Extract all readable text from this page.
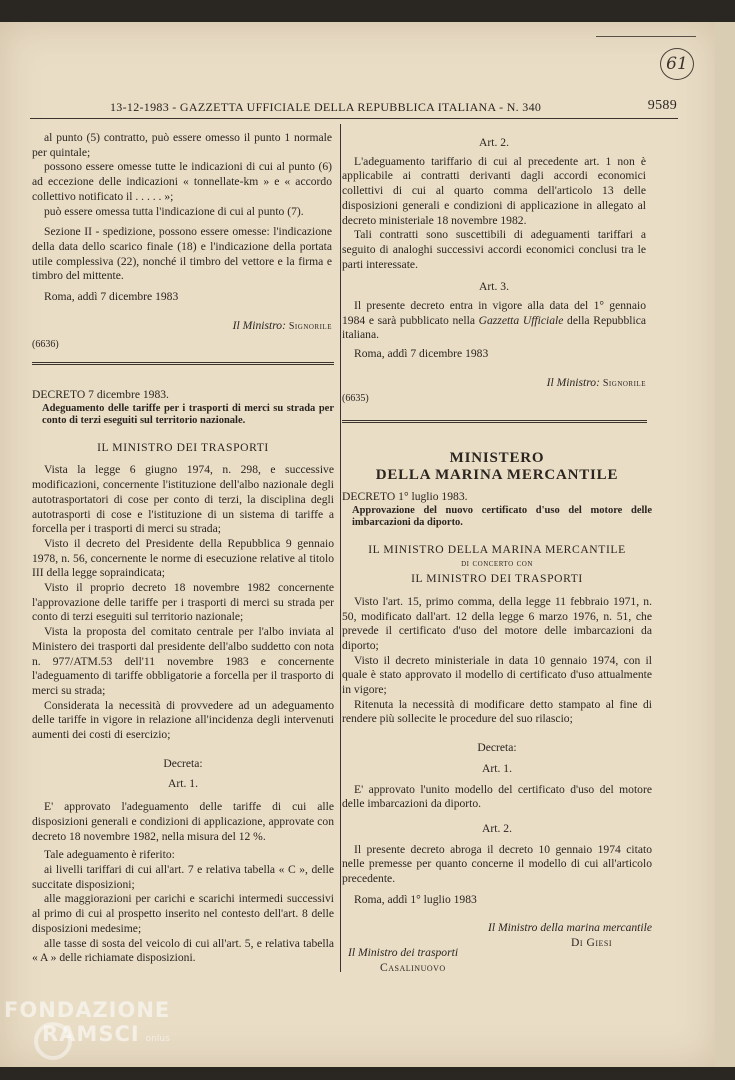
61
13-12-1983 - GAZZETTA UFFICIALE DELLA REPUBBLICA ITALIANA - N. 340	9589

al punto (5) contratto, può essere omesso il punto 1 normale per quintale;

possono essere omesse tutte le indicazioni di cui al punto (6) ad eccezione delle indicazioni « tonnellate-km » e « accordo collettivo notificato il . . . . . »;

può essere omessa tutta l'indicazione di cui al punto (7).

Sezione II - spedizione, possono essere omesse: l'indicazione della data dello scarico finale (18) e l'indicazione della portata utile complessiva (22), nonché il timbro del vettore e la firma e timbro del mittente.

Roma, addì 7 dicembre 1983

Il Ministro: Signorile

(6636)

Art. 2.

L'adeguamento tariffario di cui al precedente art. 1 non è applicabile ai contratti derivanti dagli accordi economici collettivi di cui al quarto comma dell'articolo 13 delle disposizioni generali e condizioni di applicazione in allegato al decreto ministeriale 18 novembre 1982.

Tali contratti sono suscettibili di adeguamenti tariffari a seguito di analoghi successivi accordi economici conclusi tra le parti interessate.

Art. 3.

Il presente decreto entra in vigore alla data del 1° gennaio 1984 e sarà pubblicato nella Gazzetta Ufficiale della Repubblica italiana.

Roma, addì 7 dicembre 1983

Il Ministro: Signorile

(6635)

DECRETO 7 dicembre 1983.

Adeguamento delle tariffe per i trasporti di merci su strada per conto di terzi eseguiti sul territorio nazionale.

IL MINISTRO DEI TRASPORTI

Vista la legge 6 giugno 1974, n. 298, e successive modificazioni, concernente l'istituzione dell'albo nazionale degli autotrasportatori di cose per conto di terzi, la disciplina degli autotrasporti di cose e l'istituzione di un sistema di tariffe a forcella per i trasporti di merci su strada;

Visto il decreto del Presidente della Repubblica 9 gennaio 1978, n. 56, concernente le norme di esecuzione relative al titolo III della legge sopraindicata;

Visto il proprio decreto 18 novembre 1982 concernente l'approvazione delle tariffe per i trasporti di merci su strada per conto di terzi eseguiti sul territorio nazionale;

Vista la proposta del comitato centrale per l'albo inviata al Ministero dei trasporti dal presidente dell'albo suddetto con nota n. 977/ATM.53 dell'11 novembre 1983 e concernente l'adeguamento di tariffe obbligatorie a forcella per il trasporto di merci su strada;

Considerata la necessità di provvedere ad un adeguamento delle tariffe in vigore in relazione all'incidenza degli intervenuti aumenti dei costi di esercizio;

Decreta:

Art. 1.

E' approvato l'adeguamento delle tariffe di cui alle disposizioni generali e condizioni di applicazione, approvate con decreto 18 novembre 1982, nella misura del 12 %.

Tale adeguamento è riferito:

ai livelli tariffari di cui all'art. 7 e relativa tabella « C », delle succitate disposizioni;

alle maggiorazioni per carichi e scarichi intermedi successivi al primo di cui al prospetto inserito nel contesto dell'art. 8 delle disposizioni medesime;

alle tasse di sosta del veicolo di cui all'art. 5, e relativa tabella « A » delle richiamate disposizioni.

MINISTERO
DELLA MARINA MERCANTILE

DECRETO 1° luglio 1983.

Approvazione del nuovo certificato d'uso del motore delle imbarcazioni da diporto.

IL MINISTRO DELLA MARINA MERCANTILE

di concerto con

IL MINISTRO DEI TRASPORTI

Visto l'art. 15, primo comma, della legge 11 febbraio 1971, n. 50, modificato dall'art. 12 della legge 6 marzo 1976, n. 51, che prevede il certificato d'uso del motore delle imbarcazioni da diporto;

Visto il decreto ministeriale in data 10 gennaio 1974, con il quale è stato approvato il modello di certificato d'uso attualmente in vigore;

Ritenuta la necessità di modificare detto stampato al fine di rendere più sollecite le procedure del suo rilascio;

Decreta:

Art. 1.

E' approvato l'unito modello del certificato d'uso del motore delle imbarcazioni da diporto.

Art. 2.

Il presente decreto abroga il decreto 10 gennaio 1974 citato nelle premesse per quanto concerne il modello di cui all'articolo precedente.

Roma, addì 1° luglio 1983

Il Ministro della marina mercantile

Di Giesi

Il Ministro dei trasporti

Casalinuovo

FONDAZIONE
RAMSCI onlus
